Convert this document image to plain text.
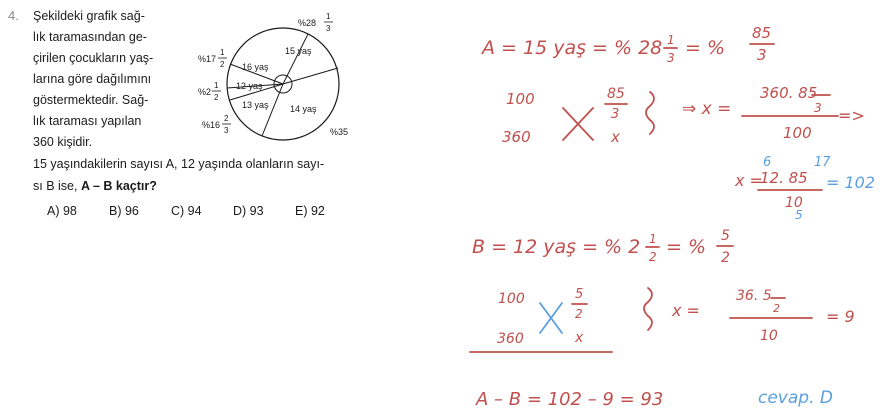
4. Şekildeki grafik sağ-
lık taramasından ge-
çirilen çocukların yaş-
larına göre dağılımını
göstermektedir. Sağ-
lık taraması yapılan
360 kişidir.
15 yaş
16 yaş
12 yaş
13 yaş 14 yaş
%28
1
3
%17
1
2
%2
1
2
%16
2
3	%35
15 yaşındakilerin sayısı A, 12 yaşında olanların sayı-
sı B ise, A – B kaçtır?
A) 98	B) 96	C) 94	D) 93	E) 92
A = 15 yaş = % 28 1
3 = %
85
3
100
360
85
3
x
⇒ x =
360. 85
3
100
=>
x =
6	17
12. 85
10
5
= 102
B = 12 yaş = % 2 1
2 = % 5
2
100
360
5
2
x
x =
36. 5
2
10
= 9
A – B = 102 – 9 = 93	cevap. D
